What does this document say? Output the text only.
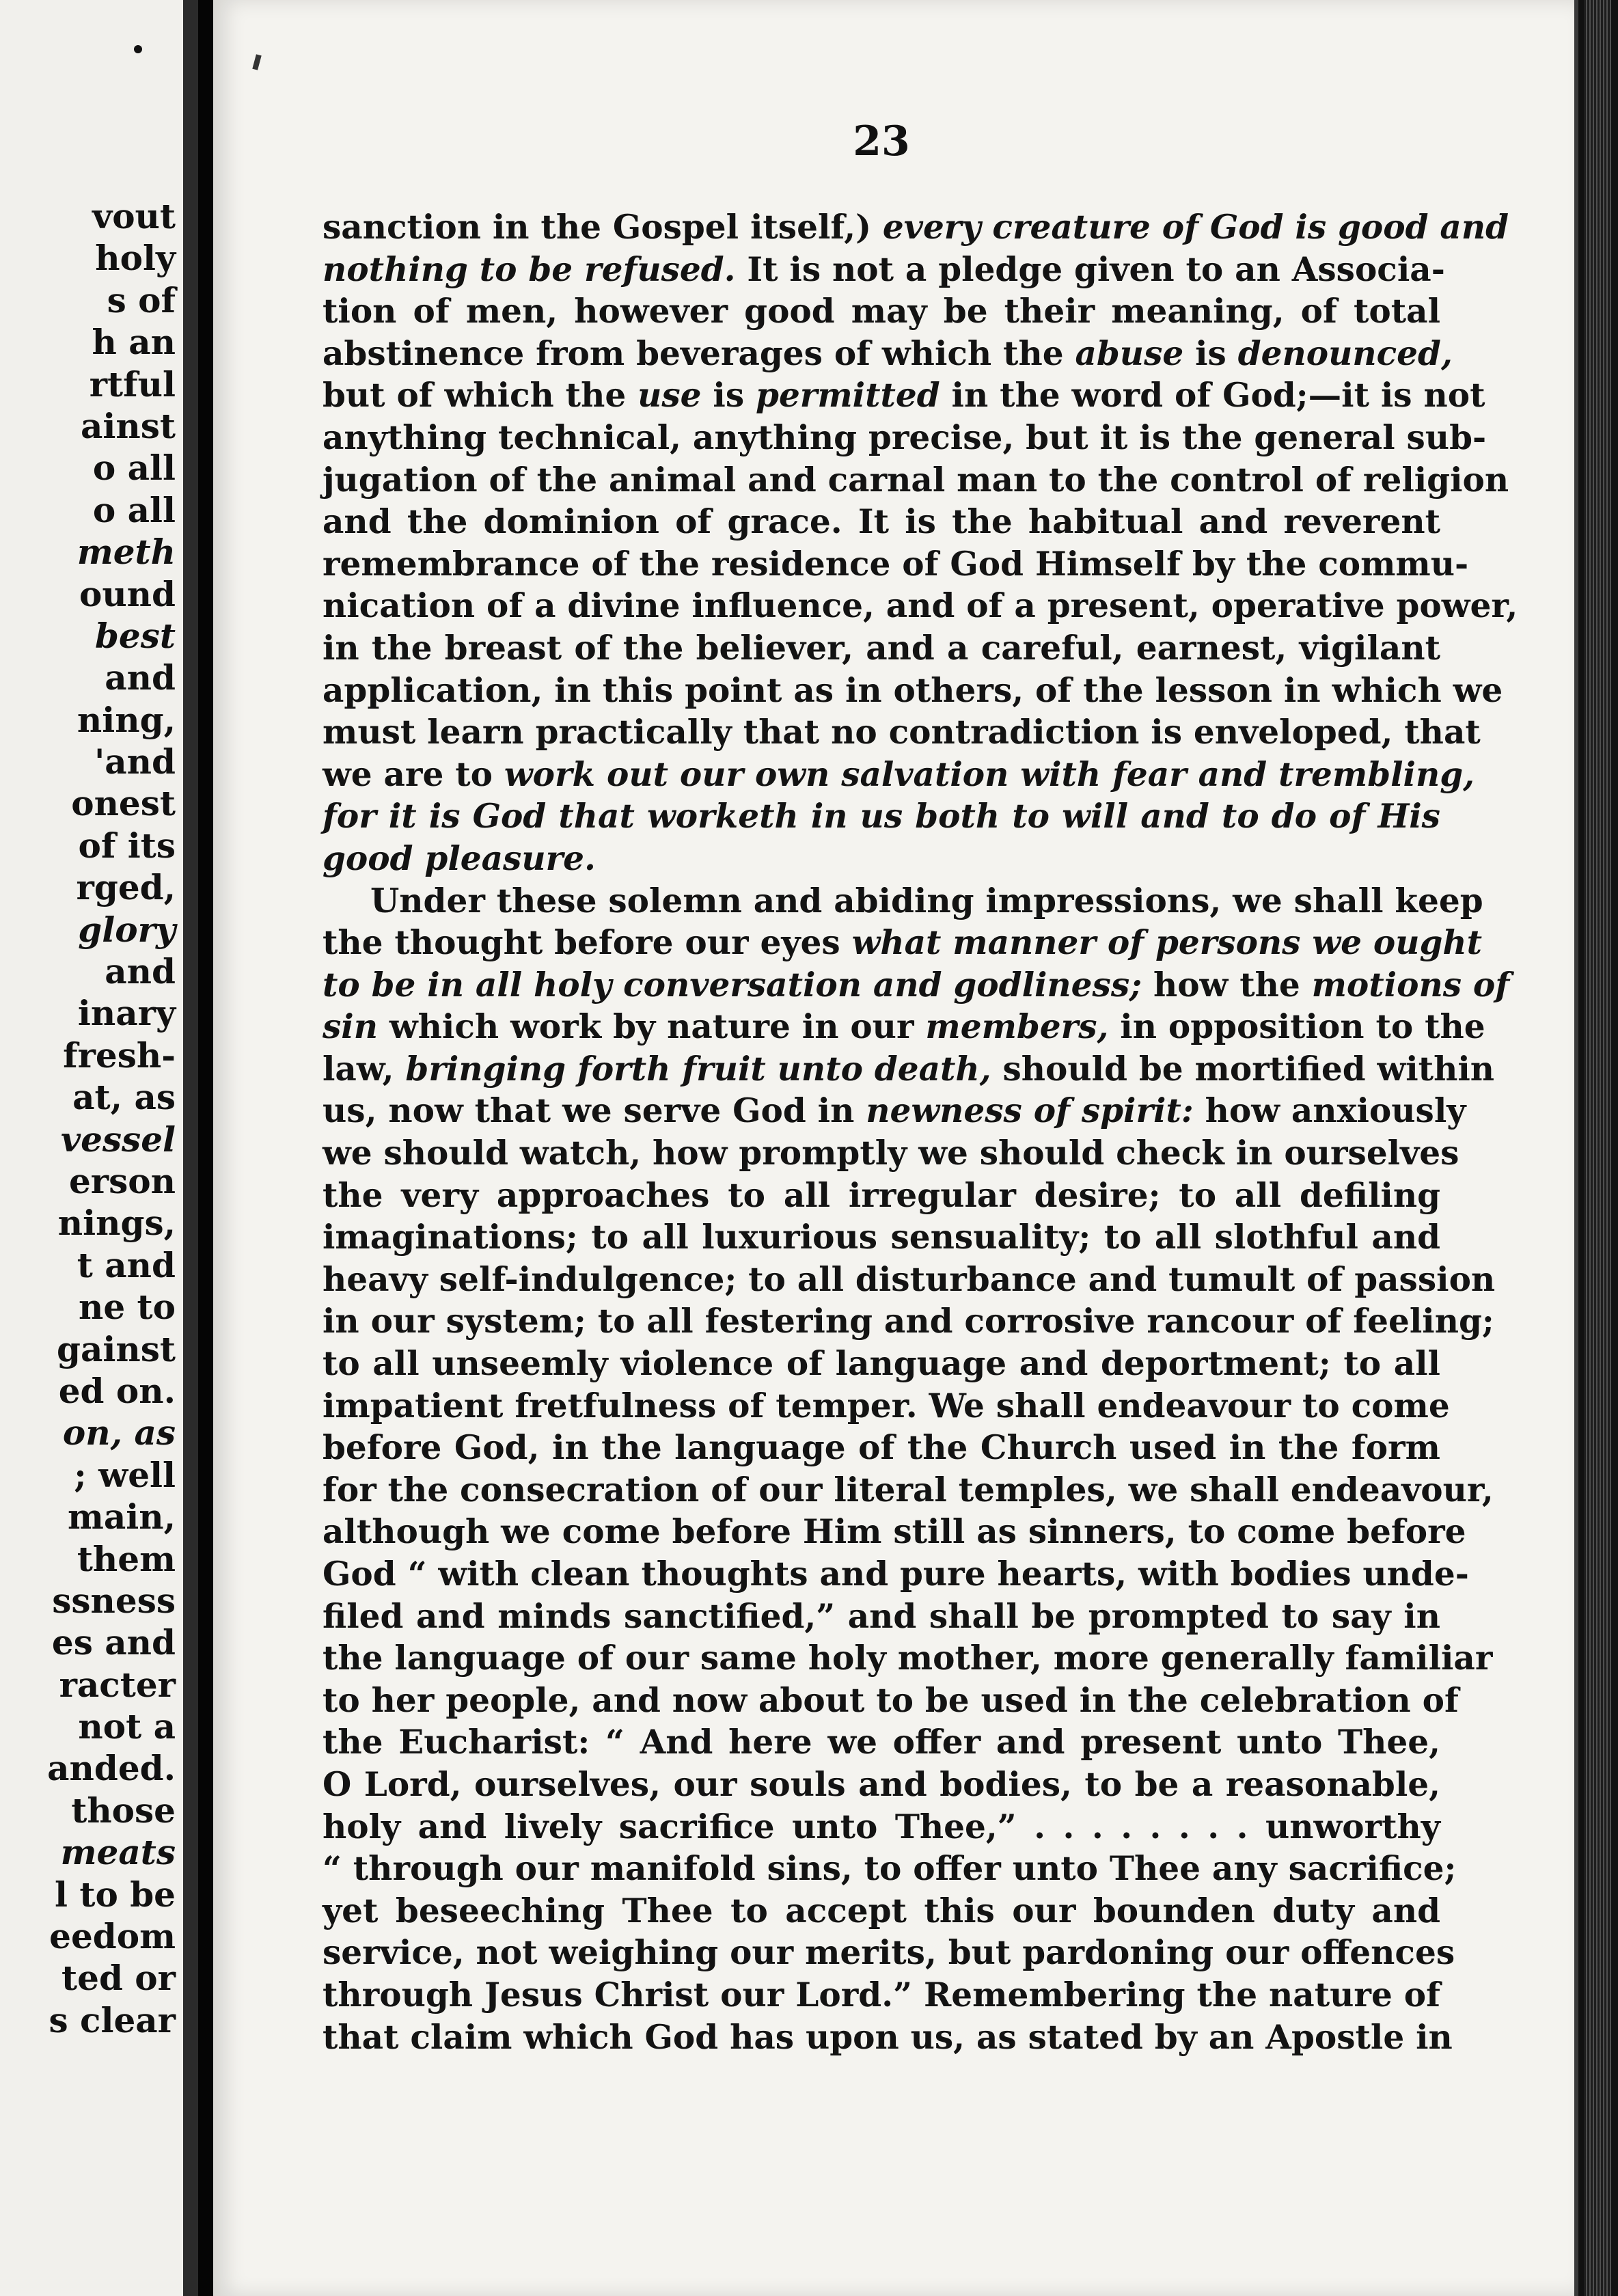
vout
holy
s of
h an
rtful
ainst
o all
o all
meth
ound
best
and
ning,
'and
onest
of its
rged,
glory
and
inary
fresh-
at, as
vessel
erson
nings,
t and
ne to
gainst
ed on.
on, as
; well
main,
them
ssness
es and
racter
not a
anded.
those
meats
l to be
eedom
ted or
s clear
23
sanction in the Gospel itself,) every creature of God is good and
nothing to be refused. It is not a pledge given to an Associa-
tion of men, however good may be their meaning, of total
abstinence from beverages of which the abuse is denounced,
but of which the use is permitted in the word of God;—it is not
anything technical, anything precise, but it is the general sub-
jugation of the animal and carnal man to the control of religion
and the dominion of grace. It is the habitual and reverent
remembrance of the residence of God Himself by the commu-
nication of a divine influence, and of a present, operative power,
in the breast of the believer, and a careful, earnest, vigilant
application, in this point as in others, of the lesson in which we
must learn practically that no contradiction is enveloped, that
we are to work out our own salvation with fear and trembling,
for it is God that worketh in us both to will and to do of His
good pleasure.
Under these solemn and abiding impressions, we shall keep
the thought before our eyes what manner of persons we ought
to be in all holy conversation and godliness; how the motions of
sin which work by nature in our members, in opposition to the
law, bringing forth fruit unto death, should be mortified within
us, now that we serve God in newness of spirit: how anxiously
we should watch, how promptly we should check in ourselves
the very approaches to all irregular desire; to all defiling
imaginations; to all luxurious sensuality; to all slothful and
heavy self-indulgence; to all disturbance and tumult of passion
in our system; to all festering and corrosive rancour of feeling;
to all unseemly violence of language and deportment; to all
impatient fretfulness of temper. We shall endeavour to come
before God, in the language of the Church used in the form
for the consecration of our literal temples, we shall endeavour,
although we come before Him still as sinners, to come before
God “ with clean thoughts and pure hearts, with bodies unde-
filed and minds sanctified,” and shall be prompted to say in
the language of our same holy mother, more generally familiar
to her people, and now about to be used in the celebration of
the Eucharist: “ And here we offer and present unto Thee,
O Lord, ourselves, our souls and bodies, to be a reasonable,
holy and lively sacrifice unto Thee,” . . . . . . . . unworthy
“ through our manifold sins, to offer unto Thee any sacrifice;
yet beseeching Thee to accept this our bounden duty and
service, not weighing our merits, but pardoning our offences
through Jesus Christ our Lord.” Remembering the nature of
that claim which God has upon us, as stated by an Apostle in
